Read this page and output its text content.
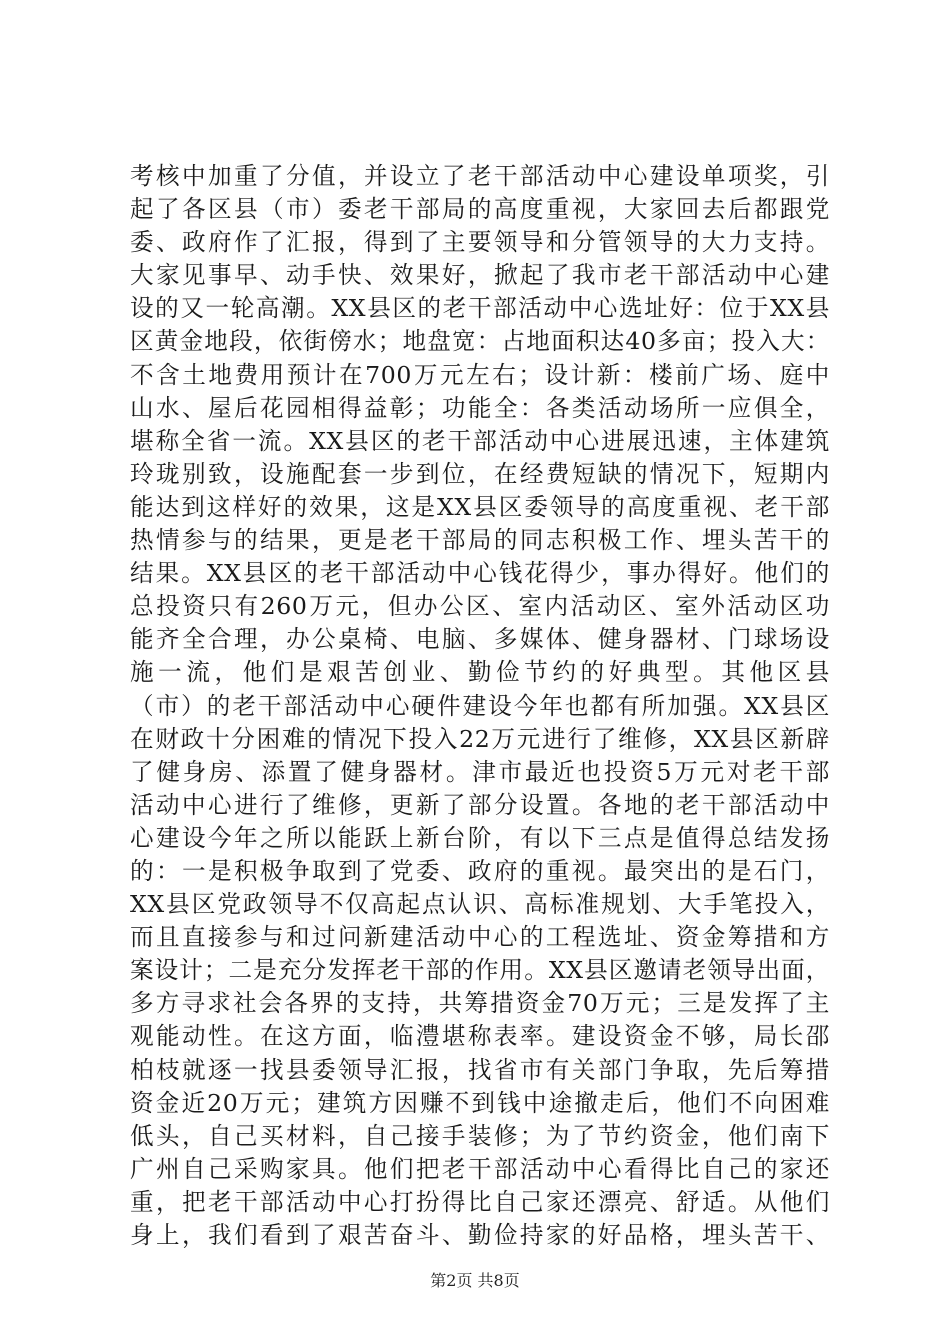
考核中加重了分值，并设立了老干部活动中心建设单项奖，引
起了各区县（市）委老干部局的高度重视，大家回去后都跟党
委、政府作了汇报，得到了主要领导和分管领导的大力支持。
大家见事早、动手快、效果好，掀起了我市老干部活动中心建
设的又一轮高潮。XX县区的老干部活动中心选址好：位于XX县
区黄金地段，依街傍水；地盘宽：占地面积达40多亩；投入大：
不含土地费用预计在700万元左右；设计新：楼前广场、庭中
山水、屋后花园相得益彰；功能全：各类活动场所一应俱全，
堪称全省一流。XX县区的老干部活动中心进展迅速，主体建筑
玲珑别致，设施配套一步到位，在经费短缺的情况下，短期内
能达到这样好的效果，这是XX县区委领导的高度重视、老干部
热情参与的结果，更是老干部局的同志积极工作、埋头苦干的
结果。XX县区的老干部活动中心钱花得少，事办得好。他们的
总投资只有260万元，但办公区、室内活动区、室外活动区功
能齐全合理，办公桌椅、电脑、多媒体、健身器材、门球场设
施一流，他们是艰苦创业、勤俭节约的好典型。其他区县
（市）的老干部活动中心硬件建设今年也都有所加强。XX县区
在财政十分困难的情况下投入22万元进行了维修，XX县区新辟
了健身房、添置了健身器材。津市最近也投资5万元对老干部
活动中心进行了维修，更新了部分设置。各地的老干部活动中
心建设今年之所以能跃上新台阶，有以下三点是值得总结发扬
的：一是积极争取到了党委、政府的重视。最突出的是石门，
XX县区党政领导不仅高起点认识、高标准规划、大手笔投入，
而且直接参与和过问新建活动中心的工程选址、资金筹措和方
案设计；二是充分发挥老干部的作用。XX县区邀请老领导出面，
多方寻求社会各界的支持，共筹措资金70万元；三是发挥了主
观能动性。在这方面，临澧堪称表率。建设资金不够，局长邵
柏枝就逐一找县委领导汇报，找省市有关部门争取，先后筹措
资金近20万元；建筑方因赚不到钱中途撤走后，他们不向困难
低头，自己买材料，自己接手装修；为了节约资金，他们南下
广州自己采购家具。他们把老干部活动中心看得比自己的家还
重，把老干部活动中心打扮得比自己家还漂亮、舒适。从他们
身上，我们看到了艰苦奋斗、勤俭持家的好品格，埋头苦干、
第2页 共8页
